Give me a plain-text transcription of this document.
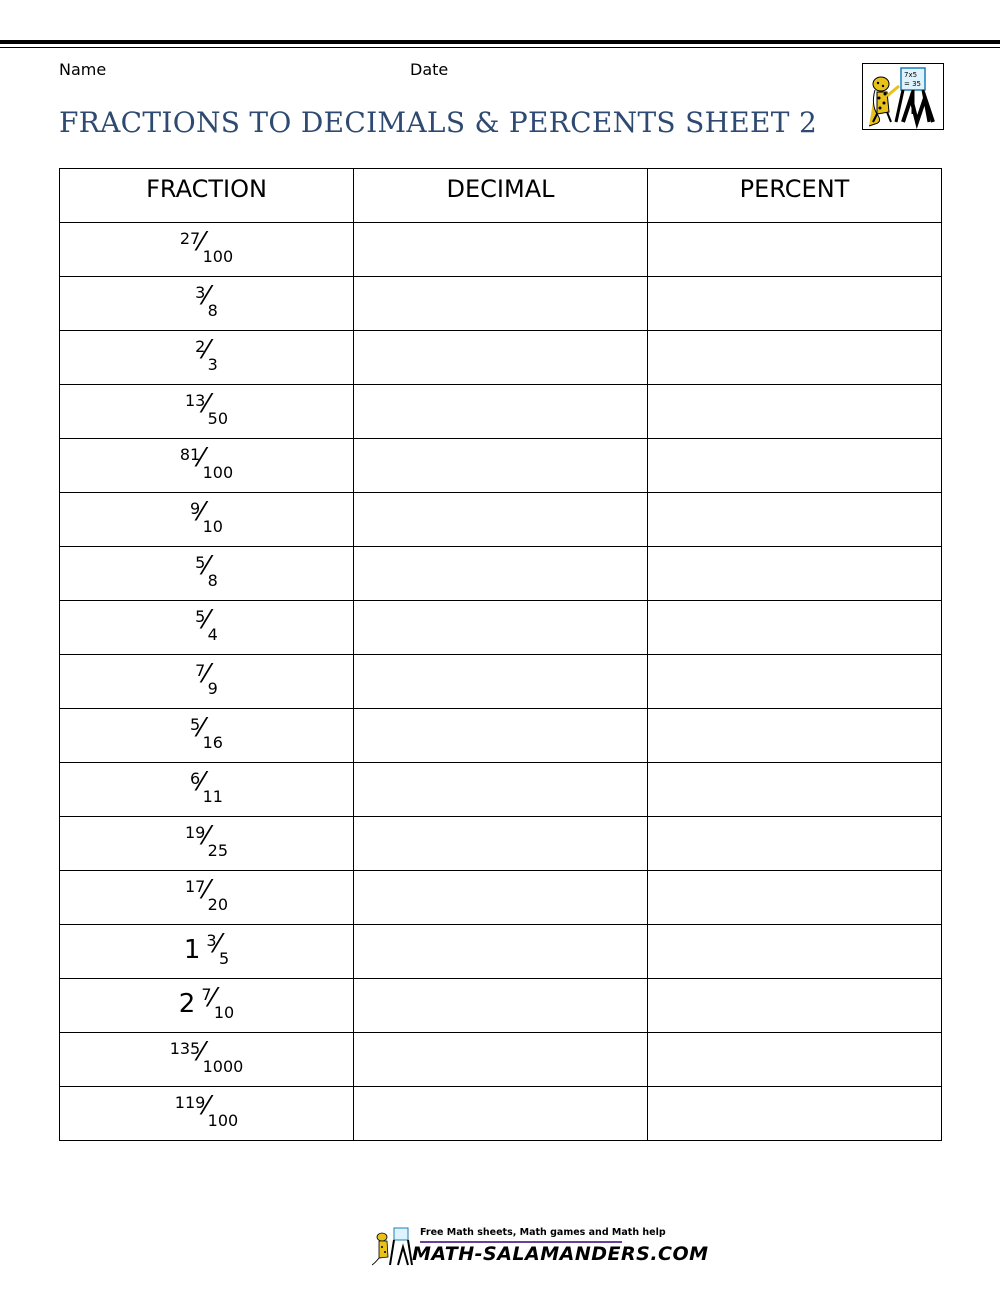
Name	Date
FRACTIONS TO DECIMALS & PERCENTS SHEET 2
7x5
= 35
FRACTION	DECIMAL	PERCENT
27⁄100		
3⁄8		
2⁄3		
13⁄50		
81⁄100		
9⁄10		
5⁄8		
5⁄4		
7⁄9		
5⁄16		
6⁄11		
19⁄25		
17⁄20		
1 3⁄5		
2 7⁄10		
135⁄1000		
119⁄100		
Free Math sheets, Math games and Math help
MATH-SALAMANDERS.COM
